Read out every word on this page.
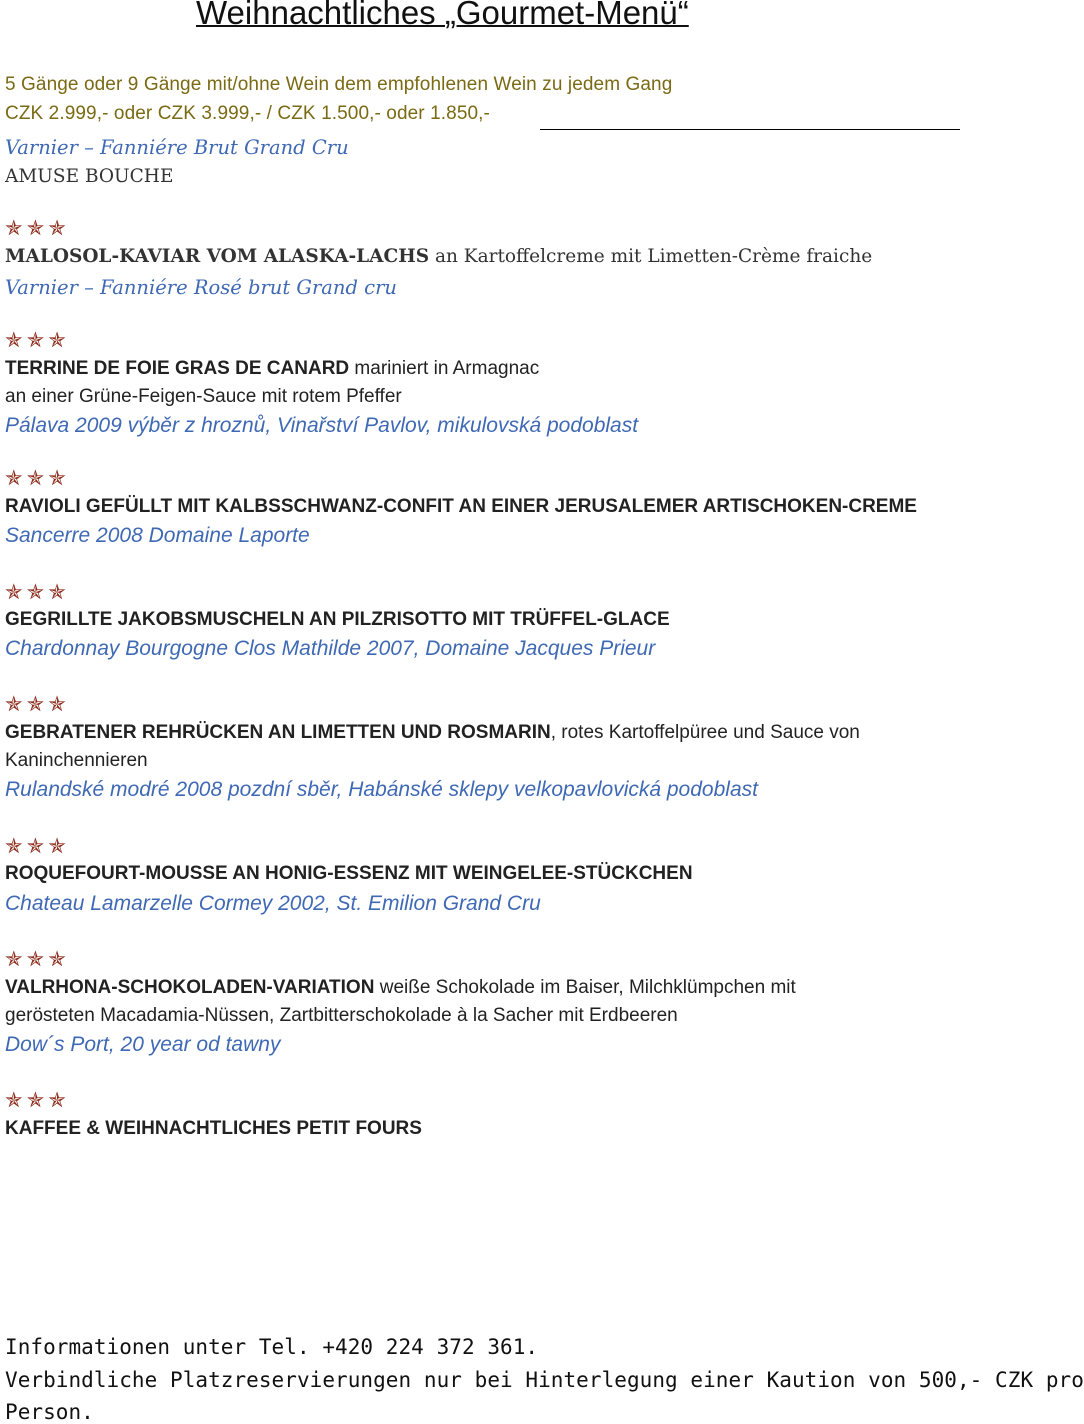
Weihnachtliches „Gourmet-Menü“
5 Gänge oder 9 Gänge mit/ohne Wein dem empfohlenen Wein zu jedem Gang
CZK 2.999,- oder CZK 3.999,- / CZK 1.500,- oder 1.850,-
Varnier – Fanniére Brut Grand Cru
AMUSE BOUCHE
✯✯✯
MALOSOL-KAVIAR VOM ALASKA-LACHS an Kartoffelcreme mit Limetten-Crème fraiche
Varnier – Fanniére Rosé brut Grand cru
✯✯✯
TERRINE DE FOIE GRAS DE CANARD mariniert in Armagnac
an einer Grüne-Feigen-Sauce mit rotem Pfeffer
Pálava 2009 výběr z hroznů, Vinařství Pavlov, mikulovská podoblast
✯✯✯
RAVIOLI GEFÜLLT MIT KALBSSCHWANZ-CONFIT AN EINER JERUSALEMER ARTISCHOKEN-CREME
Sancerre 2008 Domaine Laporte
✯✯✯
GEGRILLTE JAKOBSMUSCHELN AN PILZRISOTTO MIT TRÜFFEL-GLACE
Chardonnay Bourgogne Clos Mathilde 2007, Domaine Jacques Prieur
✯✯✯
GEBRATENER REHRÜCKEN AN LIMETTEN UND ROSMARIN, rotes Kartoffelpüree und Sauce von
Kaninchennieren
Rulandské modré 2008 pozdní sběr, Habánské sklepy velkopavlovická podoblast
✯✯✯
ROQUEFOURT-MOUSSE AN HONIG-ESSENZ MIT WEINGELEE-STÜCKCHEN
Chateau Lamarzelle Cormey 2002, St. Emilion Grand Cru
✯✯✯
VALRHONA-SCHOKOLADEN-VARIATION weiße Schokolade im Baiser, Milchklümpchen mit
gerösteten Macadamia-Nüssen, Zartbitterschokolade à la Sacher mit Erdbeeren
Dow´s Port, 20 year od tawny
✯✯✯
KAFFEE & WEIHNACHTLICHES PETIT FOURS
Informationen unter Tel. +420 224 372 361.
Verbindliche Platzreservierungen nur bei Hinterlegung einer Kaution von 500,- CZK pro
Person.
